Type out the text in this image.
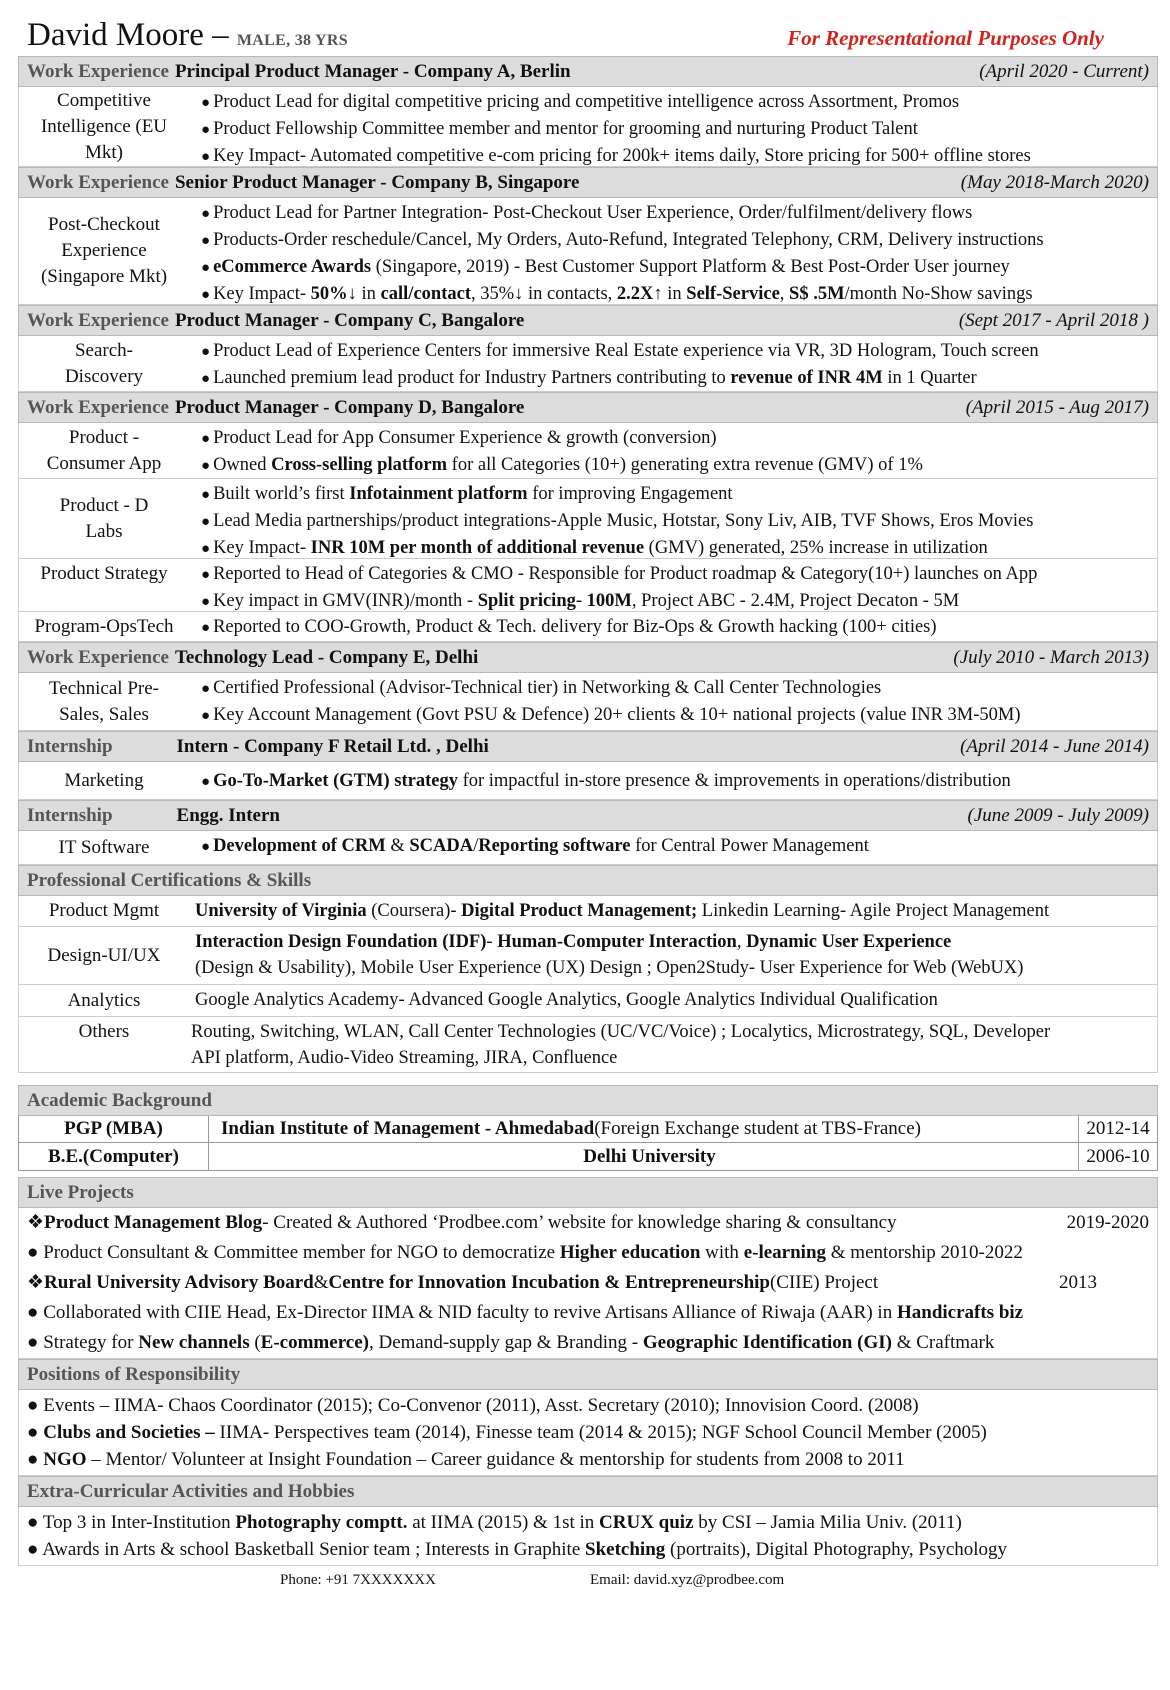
David Moore – MALE, 38 YRS	For Representational Purposes Only
Work Experience Principal Product Manager - Company A, Berlin	(April 2020 - Current)
Competitive Intelligence (EU Mkt)
● Product Lead for digital competitive pricing and competitive intelligence across Assortment, Promos
● Product Fellowship Committee member and mentor for grooming and nurturing Product Talent
● Key Impact- Automated competitive e-com pricing for 200k+ items daily, Store pricing for 500+ offline stores
Work Experience Senior Product Manager - Company B, Singapore	(May 2018-March 2020)
Post-Checkout Experience (Singapore Mkt)
● Product Lead for Partner Integration- Post-Checkout User Experience, Order/fulfilment/delivery flows
● Products-Order reschedule/Cancel, My Orders, Auto-Refund, Integrated Telephony, CRM, Delivery instructions
● eCommerce Awards (Singapore, 2019) - Best Customer Support Platform & Best Post-Order User journey
● Key Impact- 50%↓ in call/contact, 35%↓ in contacts, 2.2X↑ in Self-Service, S$ .5M/month No-Show savings
Work Experience Product Manager - Company C, Bangalore	(Sept 2017 - April 2018 )
Search-Discovery
● Product Lead of Experience Centers for immersive Real Estate experience via VR, 3D Hologram, Touch screen
● Launched premium lead product for Industry Partners contributing to revenue of INR 4M in 1 Quarter
Work Experience Product Manager - Company D, Bangalore	(April 2015 - Aug 2017)
Product - Consumer App
● Product Lead for App Consumer Experience & growth (conversion)
● Owned Cross-selling platform for all Categories (10+) generating extra revenue (GMV) of 1%
Product - D Labs
● Built world’s first Infotainment platform for improving Engagement
● Lead Media partnerships/product integrations-Apple Music, Hotstar, Sony Liv, AIB, TVF Shows, Eros Movies
● Key Impact- INR 10M per month of additional revenue (GMV) generated, 25% increase in utilization
Product Strategy	● Reported to Head of Categories & CMO - Responsible for Product roadmap & Category(10+) launches on App
● Key impact in GMV(INR)/month - Split pricing- 100M, Project ABC - 2.4M, Project Decaton - 5M
Program-OpsTech	● Reported to COO-Growth, Product & Tech. delivery for Biz-Ops & Growth hacking (100+ cities)
Work Experience Technology Lead - Company E, Delhi	(July 2010 - March 2013)
Technical Pre-Sales, Sales
● Certified Professional (Advisor-Technical tier) in Networking & Call Center Technologies
● Key Account Management (Govt PSU & Defence) 20+ clients & 10+ national projects (value INR 3M-50M)
Internship	Intern - Company F Retail Ltd. , Delhi	(April 2014 - June 2014)
Marketing	● Go-To-Market (GTM) strategy for impactful in-store presence & improvements in operations/distribution
Internship	Engg. Intern	(June 2009 - July 2009)
IT Software	● Development of CRM & SCADA/Reporting software for Central Power Management
Professional Certifications & Skills
Product Mgmt	University of Virginia (Coursera)- Digital Product Management; Linkedin Learning- Agile Project Management
Design-UI/UX
Interaction Design Foundation (IDF)- Human-Computer Interaction, Dynamic User Experience
(Design & Usability), Mobile User Experience (UX) Design ; Open2Study- User Experience for Web (WebUX)
Analytics	Google Analytics Academy- Advanced Google Analytics, Google Analytics Individual Qualification
Others	Routing, Switching, WLAN, Call Center Technologies (UC/VC/Voice) ; Localytics, Microstrategy, SQL, Developer
API platform, Audio-Video Streaming, JIRA, Confluence
Academic Background
PGP (MBA)	Indian Institute of Management - Ahmedabad (Foreign Exchange student at TBS-France)	2012-14
B.E.(Computer)	Delhi University	2006-10
Live Projects
❖ Product Management Blog - Created & Authored ‘Prodbee.com’ website for knowledge sharing & consultancy	2019-2020
● Product Consultant & Committee member for NGO to democratize Higher education with e-learning & mentorship 2010-2022
❖ Rural University Advisory Board & Centre for Innovation Incubation & Entrepreneurship (CIIE) Project	2013
● Collaborated with CIIE Head, Ex-Director IIMA & NID faculty to revive Artisans Alliance of Riwaja (AAR) in Handicrafts biz
● Strategy for New channels (E-commerce), Demand-supply gap & Branding - Geographic Identification (GI) & Craftmark
Positions of Responsibility
● Events – IIMA- Chaos Coordinator (2015); Co-Convenor (2011), Asst. Secretary (2010); Innovision Coord. (2008)
● Clubs and Societies – IIMA- Perspectives team (2014), Finesse team (2014 & 2015); NGF School Council Member (2005)
● NGO – Mentor/ Volunteer at Insight Foundation – Career guidance & mentorship for students from 2008 to 2011
Extra-Curricular Activities and Hobbies
● Top 3 in Inter-Institution Photography comptt. at IIMA (2015) & 1st in CRUX quiz by CSI – Jamia Milia Univ. (2011)
● Awards in Arts & school Basketball Senior team ; Interests in Graphite Sketching (portraits), Digital Photography, Psychology
Phone: +91 7XXXXXXX	Email: david.xyz@prodbee.com
